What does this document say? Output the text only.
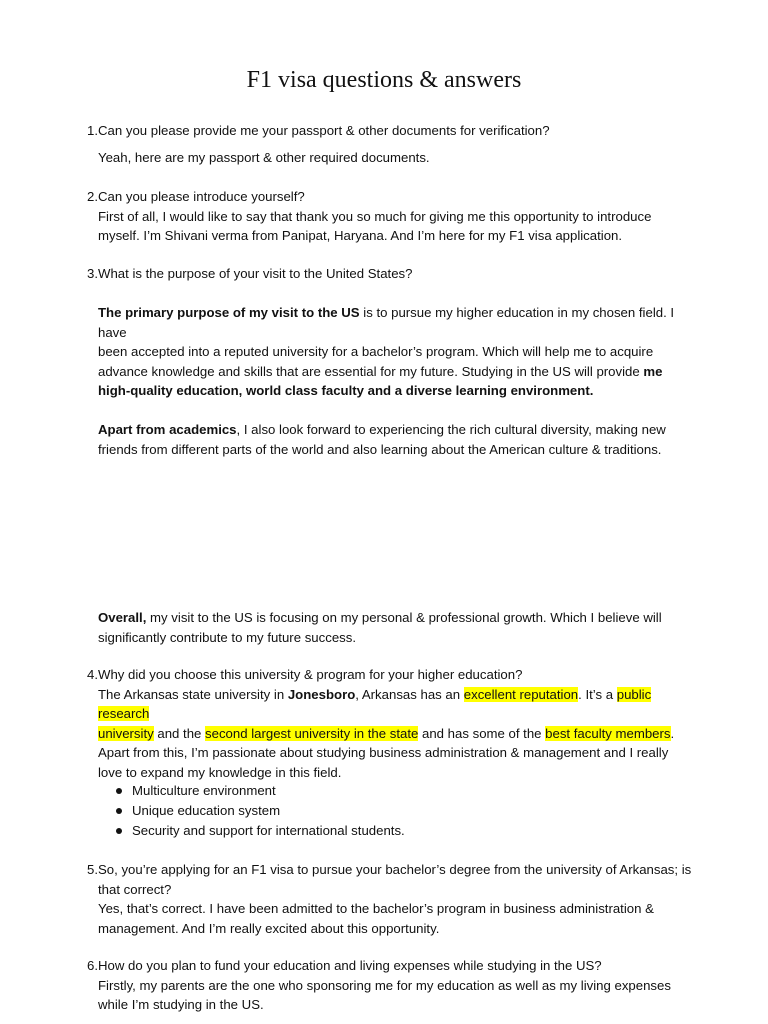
F1 visa questions & answers
1. Can you please provide me your passport & other documents for verification?

Yeah, here are my passport & other required documents.

2. Can you please introduce yourself?

First of all, I would like to say that thank you so much for giving me this opportunity to introduce

myself. I’m Shivani verma from Panipat, Haryana. And I’m here for my F1 visa application.

3. What is the purpose of your visit to the United States?

The primary purpose of my visit to the US is to pursue my higher education in my chosen field. I have

been accepted into a reputed university for a bachelor’s program. Which will help me to acquire

advance knowledge and skills that are essential for my future. Studying in the US will provide me

high-quality education, world class faculty and a diverse learning environment.

Apart from academics, I also look forward to experiencing the rich cultural diversity, making new

friends from different parts of the world and also learning about the American culture & traditions.

Overall, my visit to the US is focusing on my personal & professional growth. Which I believe will

significantly contribute to my future success.

4. Why did you choose this university & program for your higher education?

The Arkansas state university in Jonesboro, Arkansas has an excellent reputation. It’s a public research

university and the second largest university in the state and has some of the best faculty members.

Apart from this, I’m passionate about studying business administration & management and I really

love to expand my knowledge in this field.

Multiculture environment
Unique education system
Security and support for international students.
5. So, you’re applying for an F1 visa to pursue your bachelor’s degree from the university of Arkansas; is

that correct?

Yes, that’s correct. I have been admitted to the bachelor’s program in business administration &

management. And I’m really excited about this opportunity.

6. How do you plan to fund your education and living expenses while studying in the US?

Firstly, my parents are the one who sponsoring me for my education as well as my living expenses

while I’m studying in the US.
